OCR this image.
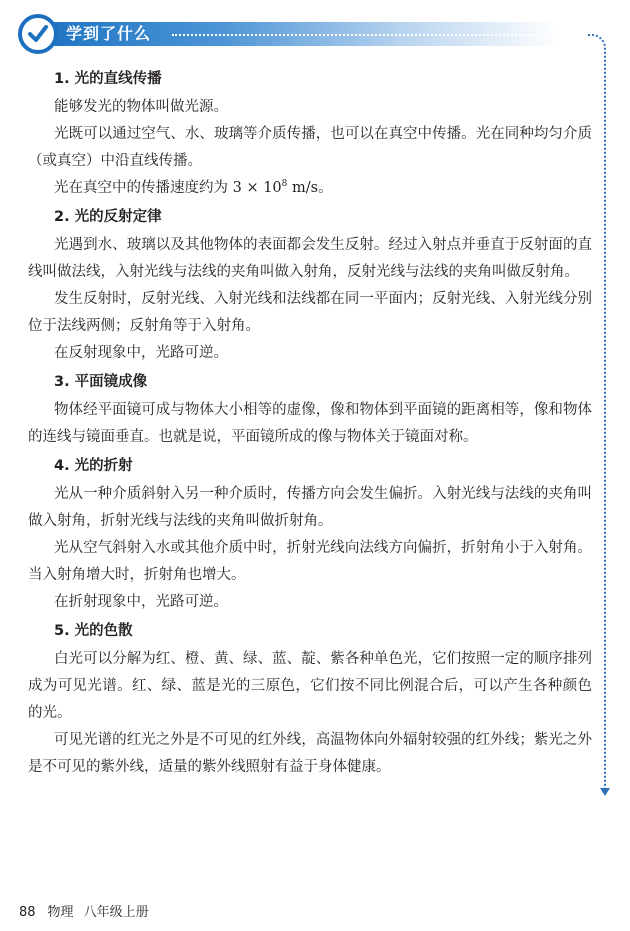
学到了什么
1. 光的直线传播

能够发光的物体叫做光源。

光既可以通过空气、水、玻璃等介质传播，也可以在真空中传播。光在同种均匀介质（或真空）中沿直线传播。

光在真空中的传播速度约为 $3 \times 10^8$ m/s。

2. 光的反射定律

光遇到水、玻璃以及其他物体的表面都会发生反射。经过入射点并垂直于反射面的直线叫做法线，入射光线与法线的夹角叫做入射角，反射光线与法线的夹角叫做反射角。

发生反射时，反射光线、入射光线和法线都在同一平面内；反射光线、入射光线分别位于法线两侧；反射角等于入射角。

在反射现象中，光路可逆。

3. 平面镜成像

物体经平面镜可成与物体大小相等的虚像，像和物体到平面镜的距离相等，像和物体的连线与镜面垂直。也就是说，平面镜所成的像与物体关于镜面对称。

4. 光的折射

光从一种介质斜射入另一种介质时，传播方向会发生偏折。入射光线与法线的夹角叫做入射角，折射光线与法线的夹角叫做折射角。

光从空气斜射入水或其他介质中时，折射光线向法线方向偏折，折射角小于入射角。当入射角增大时，折射角也增大。

在折射现象中，光路可逆。

5. 光的色散

白光可以分解为红、橙、黄、绿、蓝、靛、紫各种单色光，它们按照一定的顺序排列成为可见光谱。红、绿、蓝是光的三原色，它们按不同比例混合后，可以产生各种颜色的光。

可见光谱的红光之外是不可见的红外线，高温物体向外辐射较强的红外线；紫光之外是不可见的紫外线，适量的紫外线照射有益于身体健康。

88 物理 八年级上册
